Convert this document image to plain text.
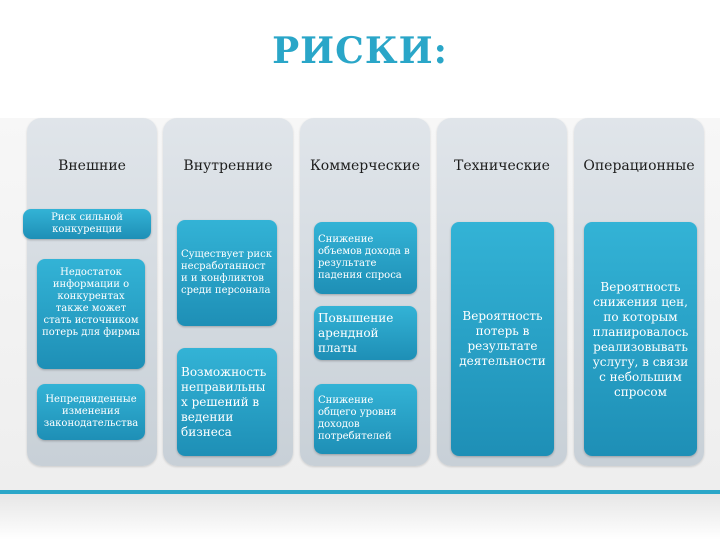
РИСКИ:
Внешние
Риск сильной конкуренции
Недостаток информации о конкурентах также может стать источником потерь для фирмы
Непредвиденные изменения законодательства
Внутренние
Существует риск несработанност и и конфликтов среди персонала
Возможность неправильны х решений в ведении бизнеса
Коммерческие
Снижение объемов дохода в результате падения спроса
Повышение арендной платы
Снижение общего уровня доходов потребителей
Технические
Вероятность потерь в результате деятельности
Операционные
Вероятность снижения цен, по которым планировалось реализовывать услугу, в связи с небольшим спросом
